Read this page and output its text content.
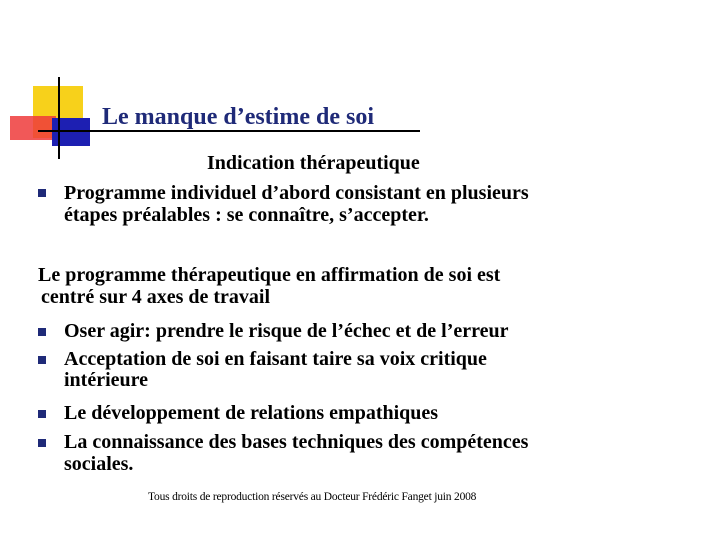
Le manque d’estime de soi
Indication thérapeutique
Programme individuel d’abord consistant en plusieurs
étapes préalables : se connaître, s’accepter.
Le programme thérapeutique en affirmation de soi est
centré sur 4 axes de travail
Oser agir: prendre le risque de l’échec et de l’erreur
Acceptation de soi en faisant taire sa voix critique
intérieure
Le développement de relations empathiques
La connaissance des bases techniques des compétences
sociales.
Tous droits de reproduction réservés au Docteur Frédéric Fanget juin 2008
